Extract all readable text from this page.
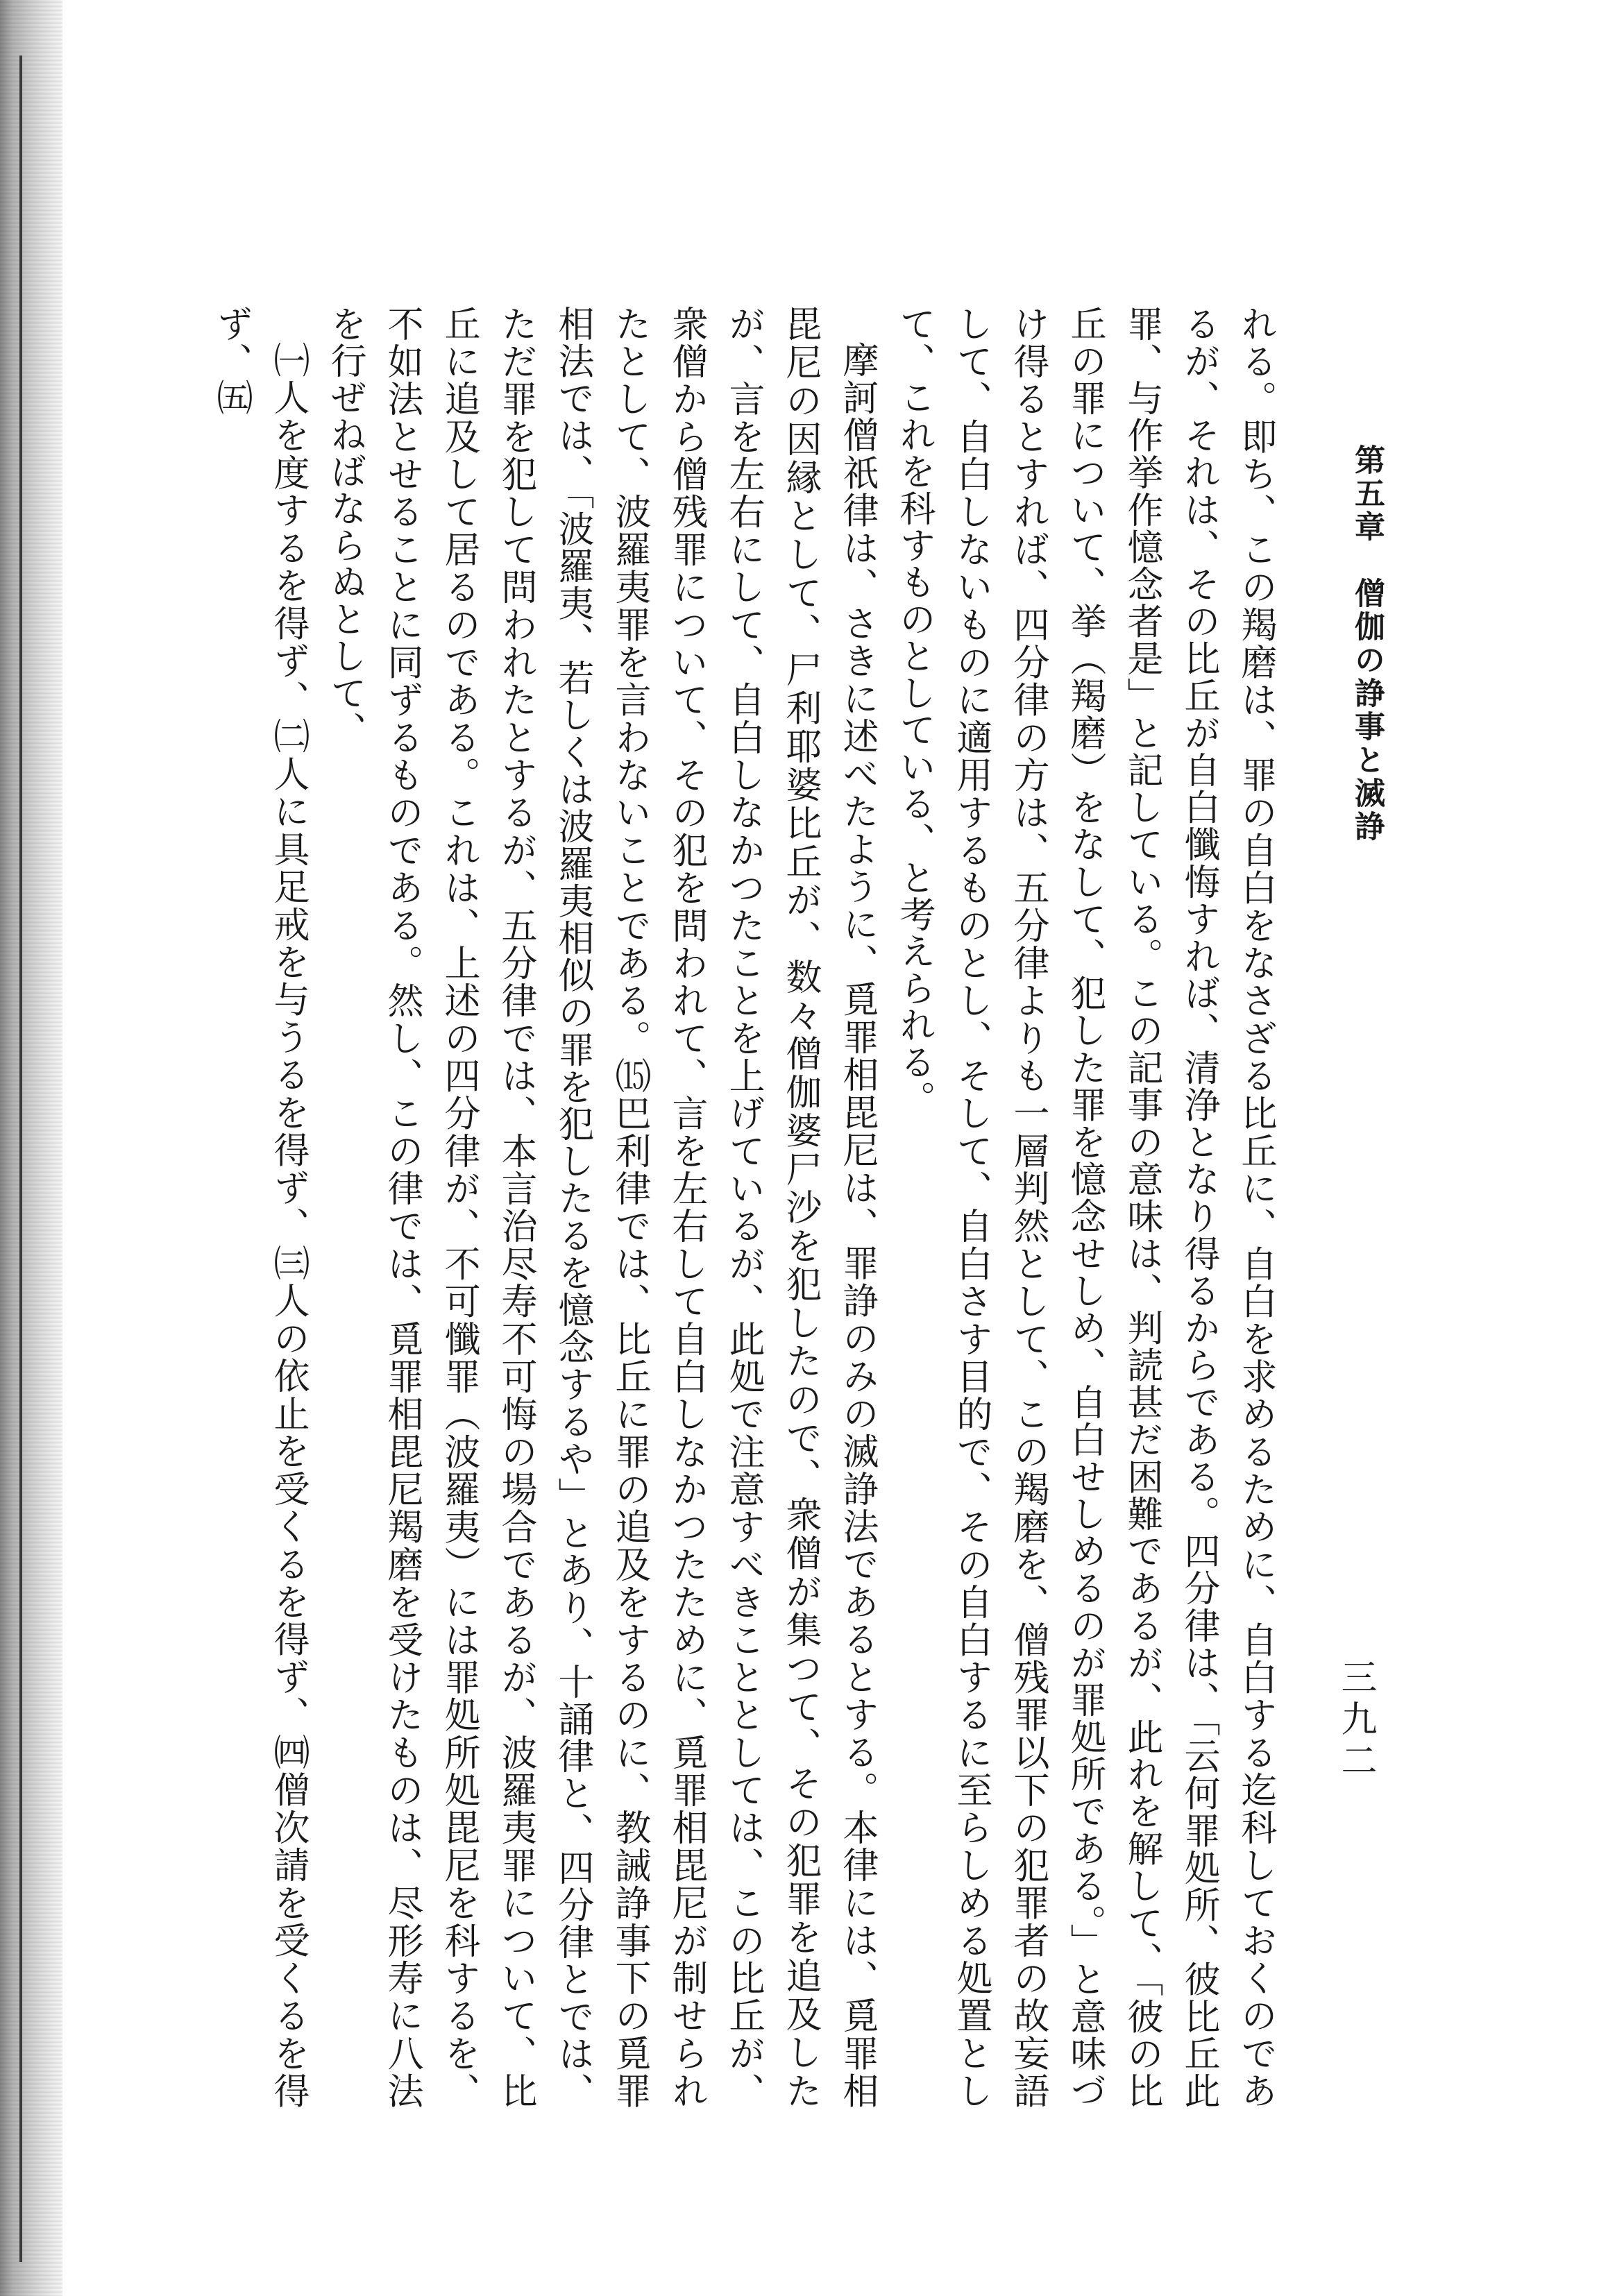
三九二
第五章　僧伽の諍事と滅諍

れる。即ち、この羯磨は、罪の自白をなさざる比丘に、自白を求めるために、自白する迄科しておくのであるが、それは、その比丘が自白懺悔すれば、清浄となり得るからである。四分律は、「云何罪処所、彼比丘此罪、与作挙作憶念者是」と記している。この記事の意味は、判読甚だ困難であるが、此れを解して、「彼の比丘の罪について、挙（羯磨）をなして、犯した罪を憶念せしめ、自白せしめるのが罪処所である。」と意味づけ得るとすれば、四分律の方は、五分律よりも一層判然として、この羯磨を、僧残罪以下の犯罪者の故妄語して、自白しないものに適用するものとし、そして、自白さす目的で、その自白するに至らしめる処置として、これを科すものとしている、と考えられる。

摩訶僧祇律は、さきに述べたように、覓罪相毘尼は、罪諍のみの滅諍法であるとする。本律には、覓罪相毘尼の因縁として、尸利耶婆比丘が、数々僧伽婆尸沙を犯したので、衆僧が集つて、その犯罪を追及したが、言を左右にして、自白しなかつたことを上げているが、此処で注意すべきこととしては、この比丘が、衆僧から僧残罪について、その犯を問われて、言を左右して自白しなかつたために、覓罪相毘尼が制せられたとして、波羅夷罪を言わないことである。⒂巴利律では、比丘に罪の追及をするのに、教誡諍事下の覓罪相法では、「波羅夷、若しくは波羅夷相似の罪を犯したるを憶念するや」とあり、十誦律と、四分律とでは、ただ罪を犯して問われたとするが、五分律では、本言治尽寿不可悔の場合であるが、波羅夷罪について、比丘に追及して居るのである。これは、上述の四分律が、不可懺罪（波羅夷）には罪処所処毘尼を科するを、不如法とせることに同ずるものである。然し、この律では、覓罪相毘尼羯磨を受けたものは、尽形寿に八法を行ぜねばならぬとして、

㈠人を度するを得ず、㈡人に具足戒を与うるを得ず、㈢人の依止を受くるを得ず、㈣僧次請を受くるを得ず、㈤
